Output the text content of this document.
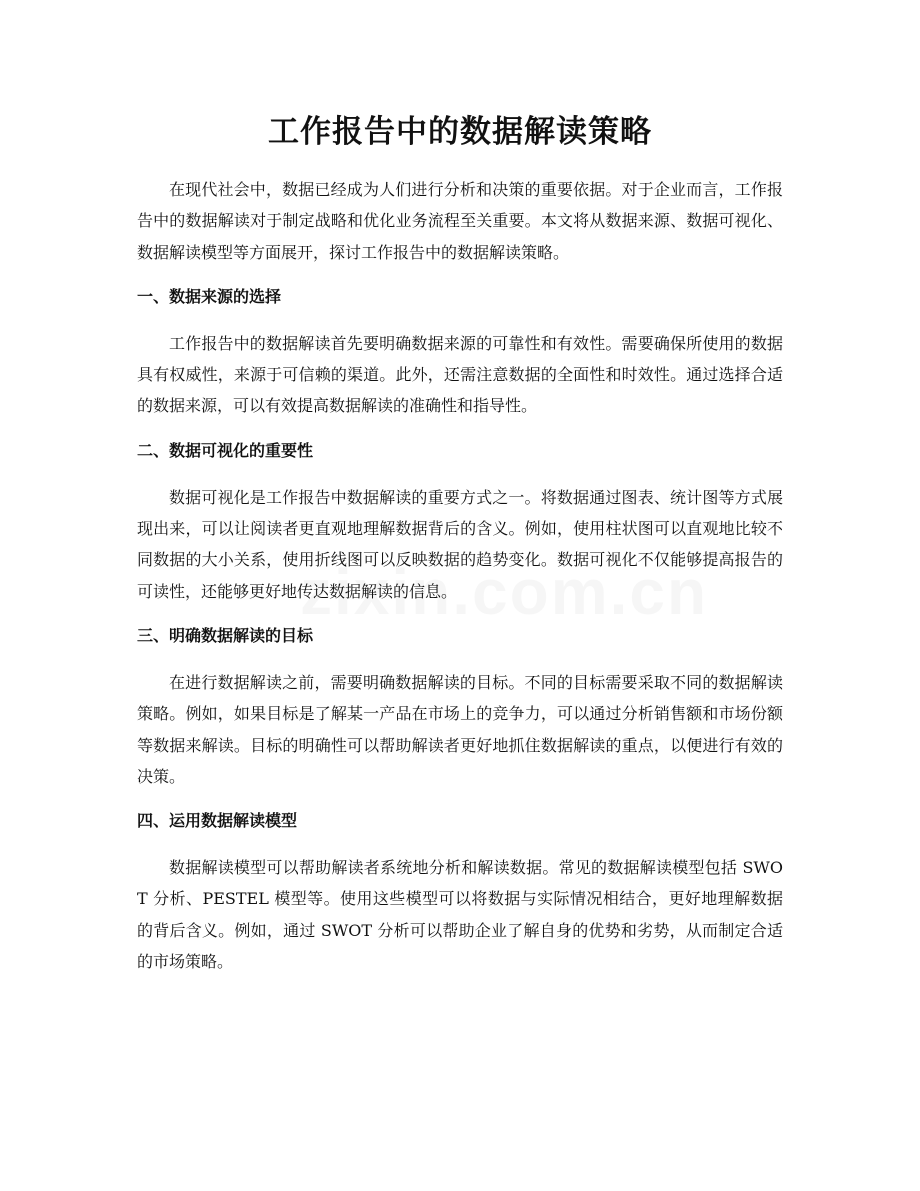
工作报告中的数据解读策略

在现代社会中，数据已经成为人们进行分析和决策的重要依据。对于企业而言，工作报告中的数据解读对于制定战略和优化业务流程至关重要。本文将从数据来源、数据可视化、数据解读模型等方面展开，探讨工作报告中的数据解读策略。

一、数据来源的选择

工作报告中的数据解读首先要明确数据来源的可靠性和有效性。需要确保所使用的数据具有权威性，来源于可信赖的渠道。此外，还需注意数据的全面性和时效性。通过选择合适的数据来源，可以有效提高数据解读的准确性和指导性。

二、数据可视化的重要性

数据可视化是工作报告中数据解读的重要方式之一。将数据通过图表、统计图等方式展现出来，可以让阅读者更直观地理解数据背后的含义。例如，使用柱状图可以直观地比较不同数据的大小关系，使用折线图可以反映数据的趋势变化。数据可视化不仅能够提高报告的可读性，还能够更好地传达数据解读的信息。

三、明确数据解读的目标

在进行数据解读之前，需要明确数据解读的目标。不同的目标需要采取不同的数据解读策略。例如，如果目标是了解某一产品在市场上的竞争力，可以通过分析销售额和市场份额等数据来解读。目标的明确性可以帮助解读者更好地抓住数据解读的重点，以便进行有效的决策。

四、运用数据解读模型

数据解读模型可以帮助解读者系统地分析和解读数据。常见的数据解读模型包括 SWOT 分析、PESTEL 模型等。使用这些模型可以将数据与实际情况相结合，更好地理解数据的背后含义。例如，通过 SWOT 分析可以帮助企业了解自身的优势和劣势，从而制定合适的市场策略。
